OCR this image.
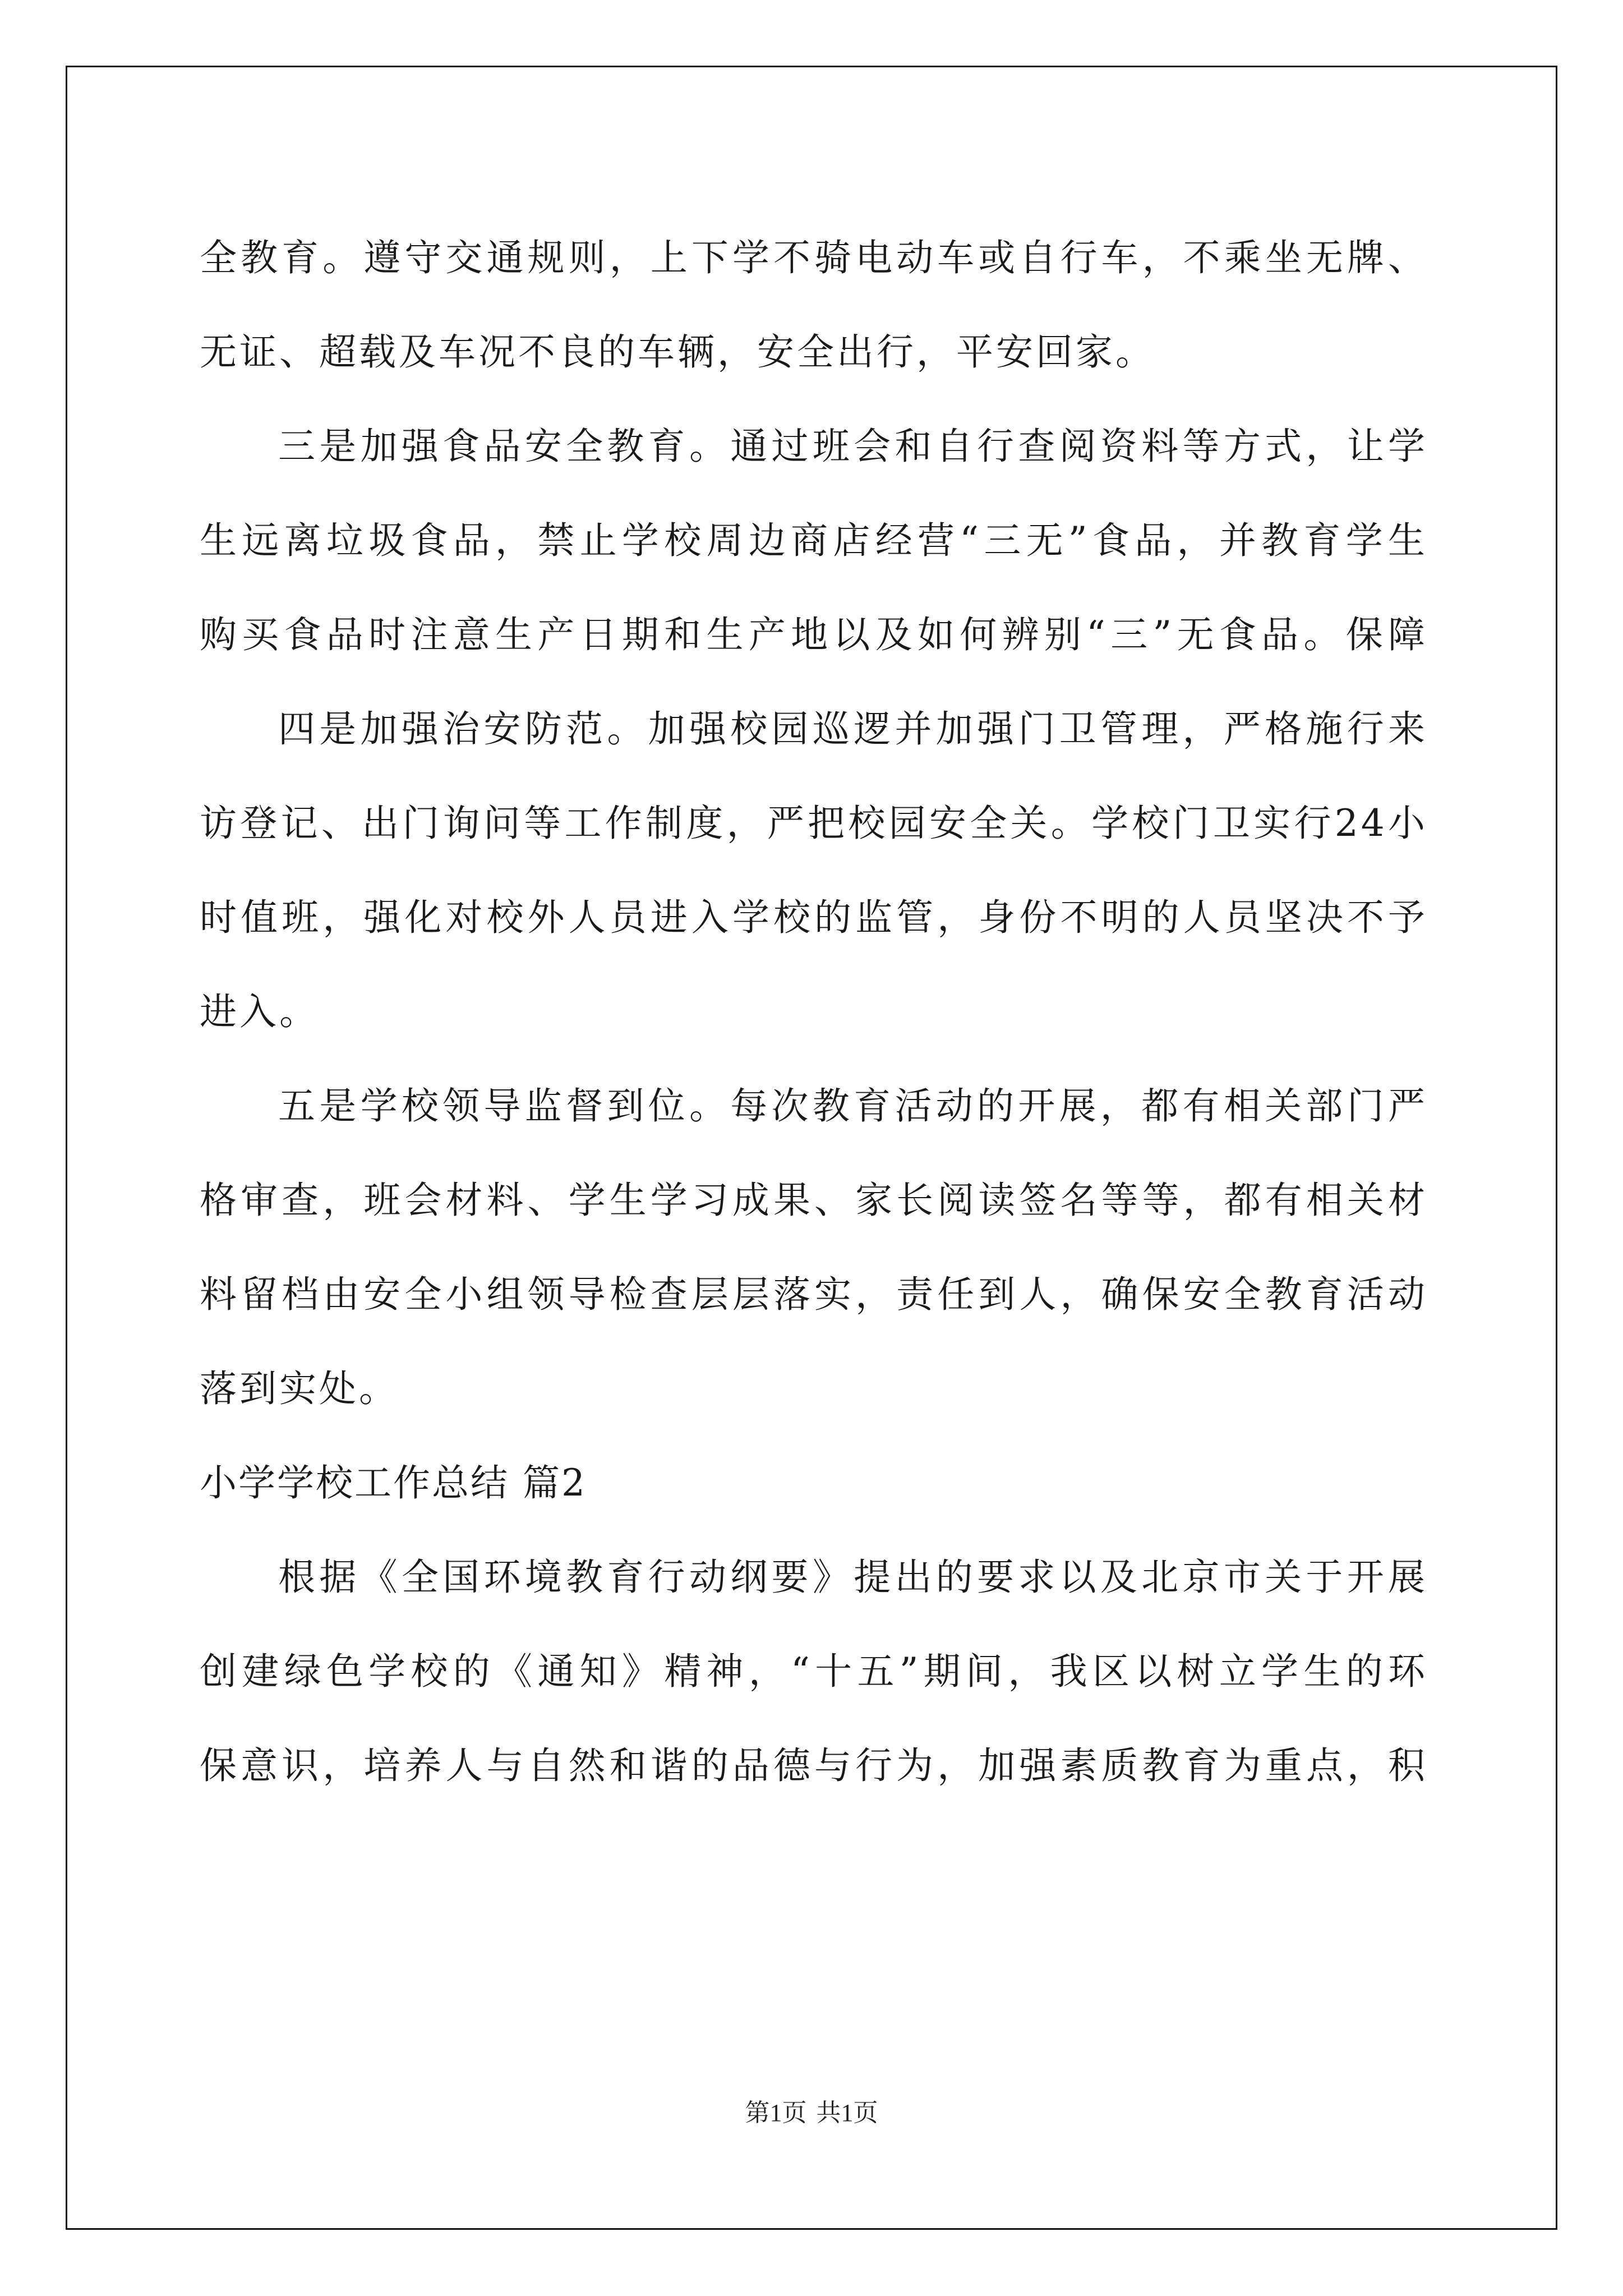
全教育。遵守交通规则，上下学不骑电动车或自行车，不乘坐无牌、
无证、超载及车况不良的车辆，安全出行，平安回家。
三是加强食品安全教育。通过班会和自行查阅资料等方式，让学
生远离垃圾食品，禁止学校周边商店经营“三无”食品，并教育学生
购买食品时注意生产日期和生产地以及如何辨别“三”无食品。保障
四是加强治安防范。加强校园巡逻并加强门卫管理，严格施行来
访登记、出门询问等工作制度，严把校园安全关。学校门卫实行24小
时值班，强化对校外人员进入学校的监管，身份不明的人员坚决不予
进入。
五是学校领导监督到位。每次教育活动的开展，都有相关部门严
格审查，班会材料、学生学习成果、家长阅读签名等等，都有相关材
料留档由安全小组领导检查层层落实，责任到人，确保安全教育活动
落到实处。
小学学校工作总结 篇2
根据《全国环境教育行动纲要》提出的要求以及北京市关于开展
创建绿色学校的《通知》精神，“十五”期间，我区以树立学生的环
保意识，培养人与自然和谐的品德与行为，加强素质教育为重点，积
第1页 共1页
